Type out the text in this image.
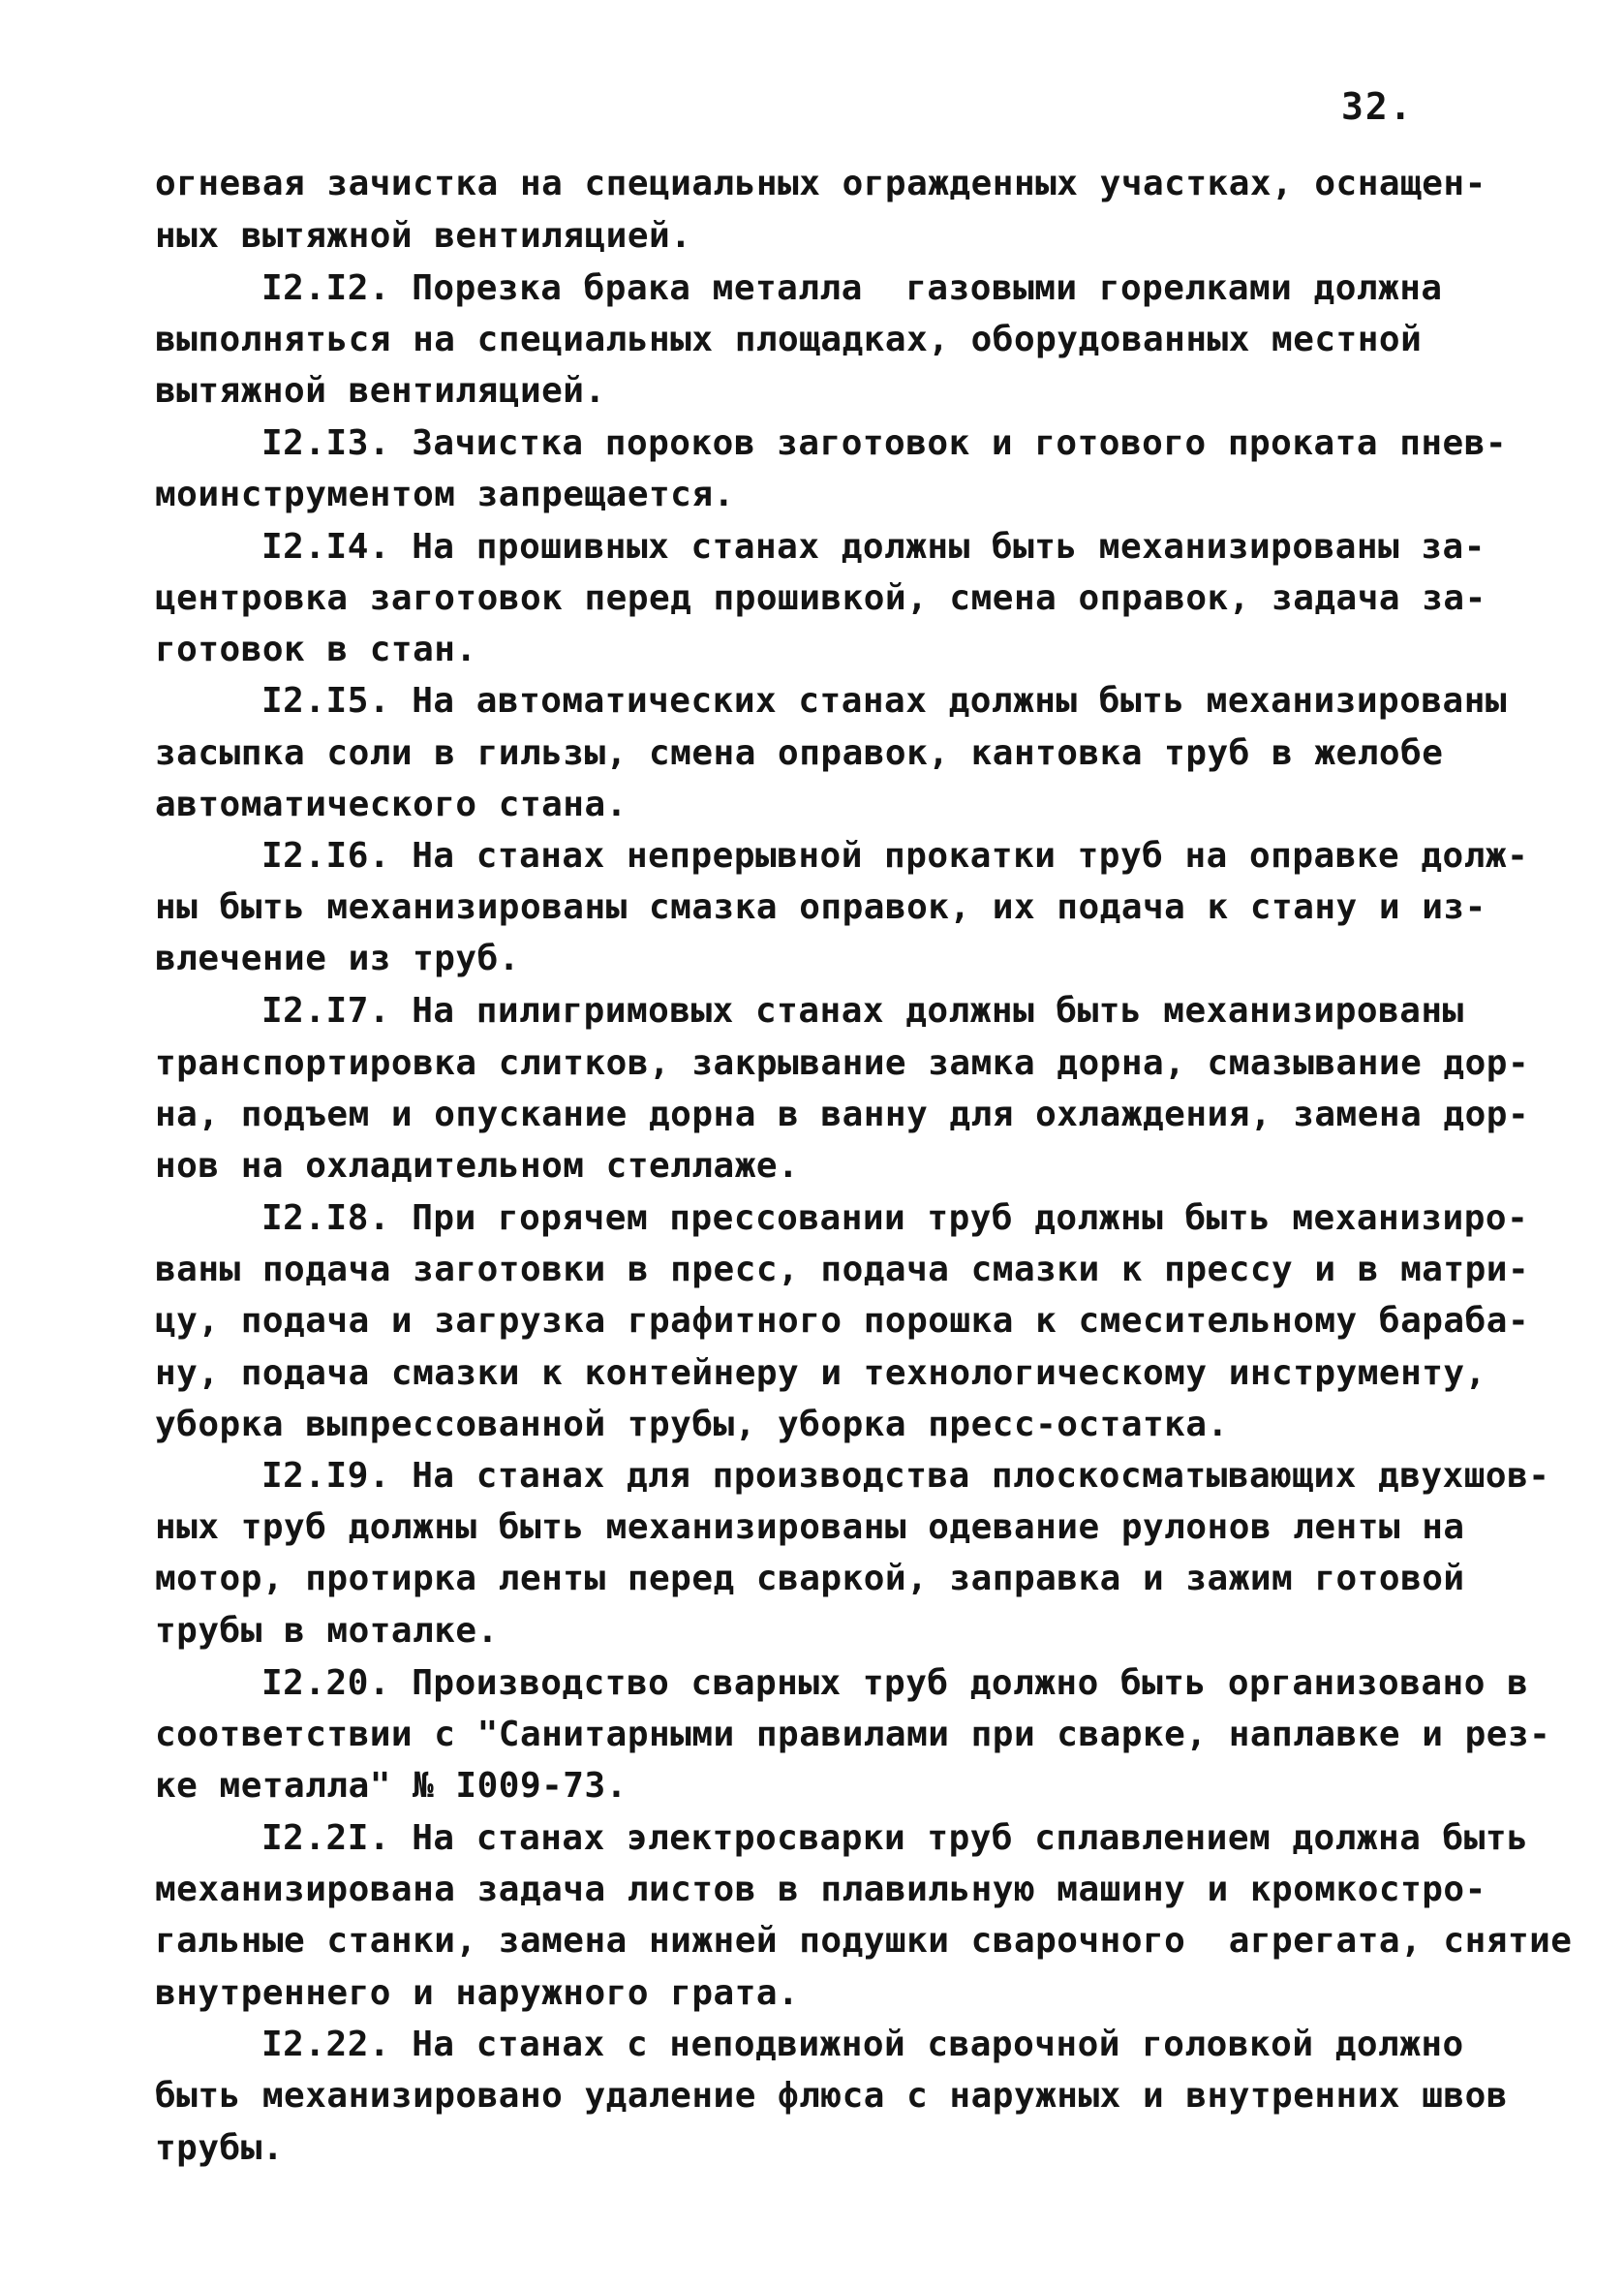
32.
огневая зачистка на специальных огражденных участках, оснащен-
ных вытяжной вентиляцией.
I2.I2. Порезка брака металла  газовыми горелками должна
выполняться на специальных площадках, оборудованных местной
вытяжной вентиляцией.
I2.I3. Зачистка пороков заготовок и готового проката пнев-
моинструментом запрещается.
I2.I4. На прошивных станах должны быть механизированы за-
центровка заготовок перед прошивкой, смена оправок, задача за-
готовок в стан.
I2.I5. На автоматических станах должны быть механизированы
засыпка соли в гильзы, смена оправок, кантовка труб в желобе
автоматического стана.
I2.I6. На станах непрерывной прокатки труб на оправке долж-
ны быть механизированы смазка оправок, их подача к стану и из-
влечение из труб.
I2.I7. На пилигримовых станах должны быть механизированы
транспортировка слитков, закрывание замка дорна, смазывание дор-
на, подъем и опускание дорна в ванну для охлаждения, замена дор-
нов на охладительном стеллаже.
I2.I8. При горячем прессовании труб должны быть механизиро-
ваны подача заготовки в пресс, подача смазки к прессу и в матри-
цу, подача и загрузка графитного порошка к смесительному бараба-
ну, подача смазки к контейнеру и технологическому инструменту,
уборка выпрессованной трубы, уборка пресс-остатка.
I2.I9. На станах для производства плоскосматывающих двухшов-
ных труб должны быть механизированы одевание рулонов ленты на
мотор, протирка ленты перед сваркой, заправка и зажим готовой
трубы в моталке.
I2.20. Производство сварных труб должно быть организовано в
соответствии с "Санитарными правилами при сварке, наплавке и рез-
ке металла" № I009-73.
I2.2I. На станах электросварки труб сплавлением должна быть
механизирована задача листов в плавильную машину и кромкостро-
гальные станки, замена нижней подушки сварочного  агрегата, снятие
внутреннего и наружного грата.
I2.22. На станах с неподвижной сварочной головкой должно
быть механизировано удаление флюса с наружных и внутренних швов
трубы.
